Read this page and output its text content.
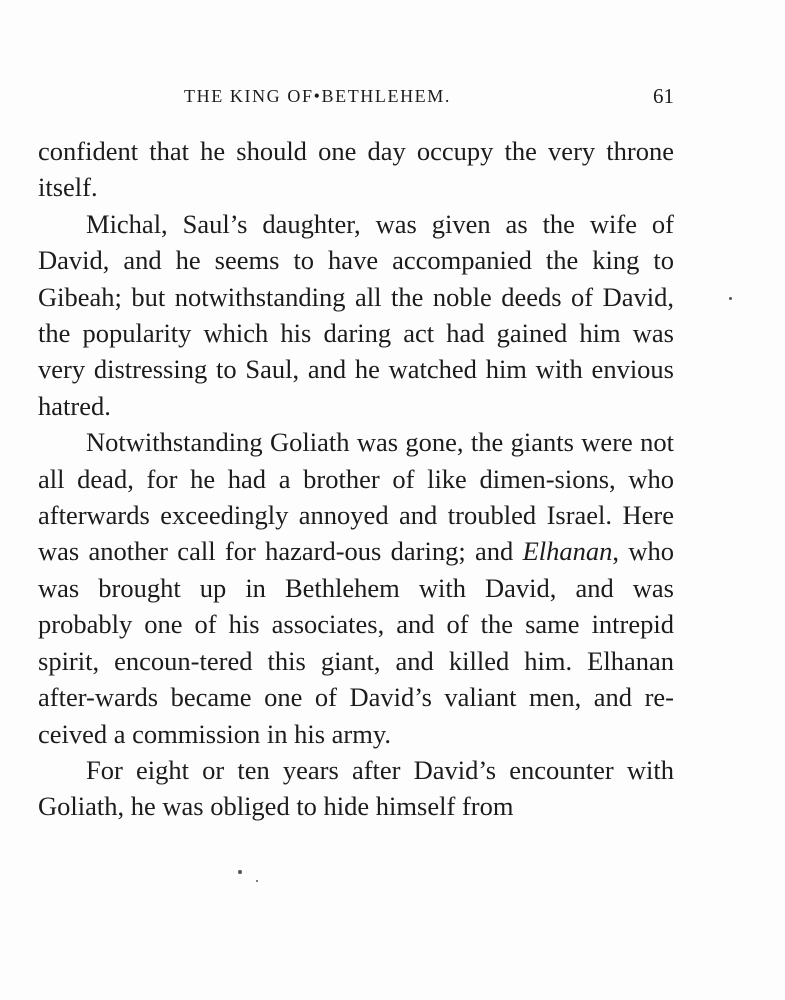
THE KING OF•BETHLEHEM.	61

confident that he should one day occupy the very throne itself.

Michal, Saul’s daughter, was given as the wife of David, and he seems to have accompanied the king to Gibeah; but notwithstanding all the noble deeds of David, the popularity which his daring act had gained him was very distressing to Saul, and he watched him with envious hatred.

Notwithstanding Goliath was gone, the giants were not all dead, for he had a brother of like dimen-sions, who afterwards exceedingly annoyed and troubled Israel. Here was another call for hazard-ous daring; and Elhanan, who was brought up in Bethlehem with David, and was probably one of his associates, and of the same intrepid spirit, encoun-tered this giant, and killed him. Elhanan after-wards became one of David’s valiant men, and re-ceived a commission in his army.

For eight or ten years after David’s encounter with Goliath, he was obliged to hide himself from
